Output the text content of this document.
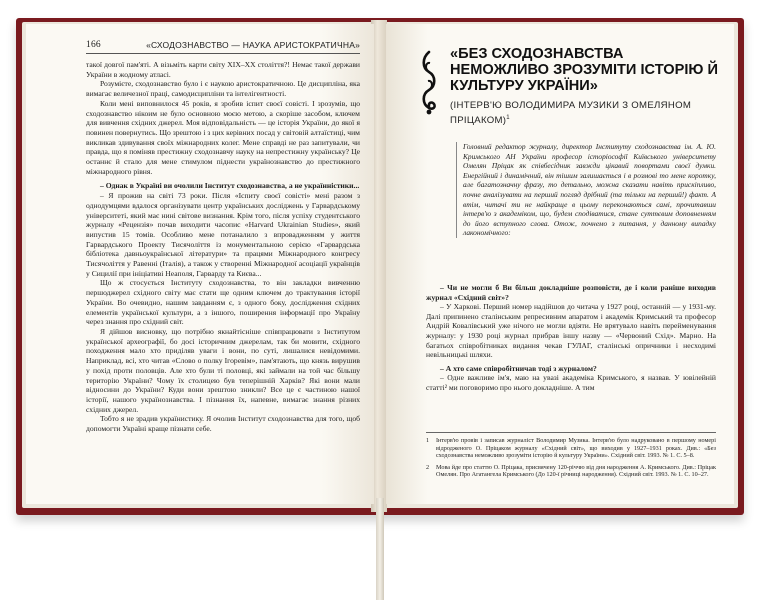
166	«СХОДОЗНАВСТВО — НАУКА АРИСТОКРАТИЧНА»

такої довгої пам'яті. А візьміть карти світу XIX–XX століття?! Немає такої держави України в жодному атласі.

Розумієте, сходознавство було і є наукою аристократичною. Це дисципліна, яка вимагає величезної праці, самодисципліни та інтелігентності.

Коли мені виповнилося 45 років, я зробив іспит своєї совісті. І зрозумів, що сходознавство нікоим не було основною моєю метою, а скоріше засобом, ключем для вивчення східних джерел. Моя відповідальність — це історія України, до якої я повинен повернутись. Що зрештою і з цих керівних посад у світовій алтаїстиці, чим викликав здивування своїх міжнародних колег. Мене справді не раз запитували, чи правда, що я поміняв престижну сходознавчу науку на непрестижну українську? Це останнє й стало для мене стимулом піднести українознавство до престижного міжнародного рівня.

– Однак в Україні ви очолили Інститут сходознавства, а не українністики...

– Я прожив на світі 73 роки. Після «Іспиту своєї совісті» мені разом з однодумцями вдалося організувати центр українських досліджень у Гарвардському університеті, який має нині світове визнання. Крім того, після успіху студентського журналу «Рецензія» почав виходити часопис «Harvard Ukrainian Studies», який випустив 15 томів. Особливо мене потаналило з впровадженням у життя Гарвардського Проекту Тисячоліття із монументальною серією «Гарвардська бібліотека давньоукраїнської літератури» та працями Міжнародного конгресу Тисячоліття у Равенні (Італія), а також у створенні Міжнародної асоціації українців у Сицилії при ініціативі Неаполя, Гарварду та Києва...

Що ж стосується Інституту сходознавства, то він закладки вивченню першоджерел східного світу має стати ще одним ключем до трактування історії України. Во очевидно, нашим завданням є, з одного боку, дослідження східних елементів української культури, а з іншого, поширення інформації про Україну через знання про східний світ.

Я дійшов висновку, що потрібно якнайтісніше співпрацювати з Інститутом української археографії, бо досі історичним джерелам, так би мовити, східного походження мало хто приділяв уваги і вони, по суті, лишалися невідомими. Наприклад, всі, хто читав «Слово о полку Ігоревім», пам'ятають, що князь вирушив у похід проти половців. Але хто були ті половці, які займали на той час більшу територію України? Чому їх столицею був теперішній Харків? Які вони мали відносини до України? Куди вони зрештою зникли? Все це є частиною нашої історії, нашого українознавства. І пізнання їх, напевне, вимагає знання різних східних джерел.

Тобто я не зрадив українистику. Я очолив Інститут сходознавства для того, щоб допомогти Україні краще пізнати себе.

«БЕЗ СХОДОЗНАВСТВА НЕМОЖЛИВО ЗРОЗУМІТИ ІСТОРІЮ Й КУЛЬТУРУ УКРАЇНИ»
(ІНТЕРВ'Ю ВОЛОДИМИРА МУЗИКИ З ОМЕЛЯНОМ ПРІЦАКОМ)$^1$
Головний редактор журналу, директор Інституту сходознавства ім. А. Ю. Кримського АН України професор історіософії Київського університету Омелян Пріцак як співбесідник завжди цікавий повортами своєї думки. Енергійний і динамічний, він тішим залишається і в розмові то мене коротку, але багатозначну фразу, то детально, можна сказати навіть прискіпливо, почне аналізувати на перший погляд дрібний (та тільки на перший!) факт. А втім, читачі ти не найкраще в цьому переконаються самі, прочитавши інтерв'ю з академіком, що, будем сподіватися, стане суттєвим доповненням до його вступного слова. Отож, почнемо з питання, у данному випадку лакономічного:

– Чи не могли б Ви більш докладніше розповісти, де і коли раніше виходив журнал «Східний світ»?

– У Харкові. Перший номер надійшов до читача у 1927 році, останній — у 1931-му. Далі припинено сталінським репресивним апаратом і академік Кримський та професор Андрій Ковалівський уже нічого не могли вдіяти. Не врятувало навіть перейменування журналу: у 1930 році журнал прибрав іншу назву — «Червоний Схід». Марно. На багатьох співробітниках видання чекав ГУЛАГ, сталінські опричники і несходимі невільницькі шляхи.

– А хто саме співробітничав тоді з журналом?

– Одне важливе ім'я, маю на увазі академіка Кримського, я назвав. У ювілейній статті² ми поговоримо про нього докладніше. А тим

1	Інтерв'ю провів і записав журналіст Володимир Музика. Інтерв'ю було надруковано в першому номері відродженого О. Пріцаком журналу «Східний світ», що виходив у 1927–1931 роках. Див.: «Без сходознавства неможливо зрозуміти історію й культуру України». Східний світ. 1993. № 1. С. 5–8.
2	Мова йде про статтю О. Пріцака, присвячену 120-річчю від дня народження А. Кримського. Див.: Пріцак Омелян. Про Агатангела Кримського (До 120-ї річниці народження). Східний світ. 1993. № 1. С. 10–27.
